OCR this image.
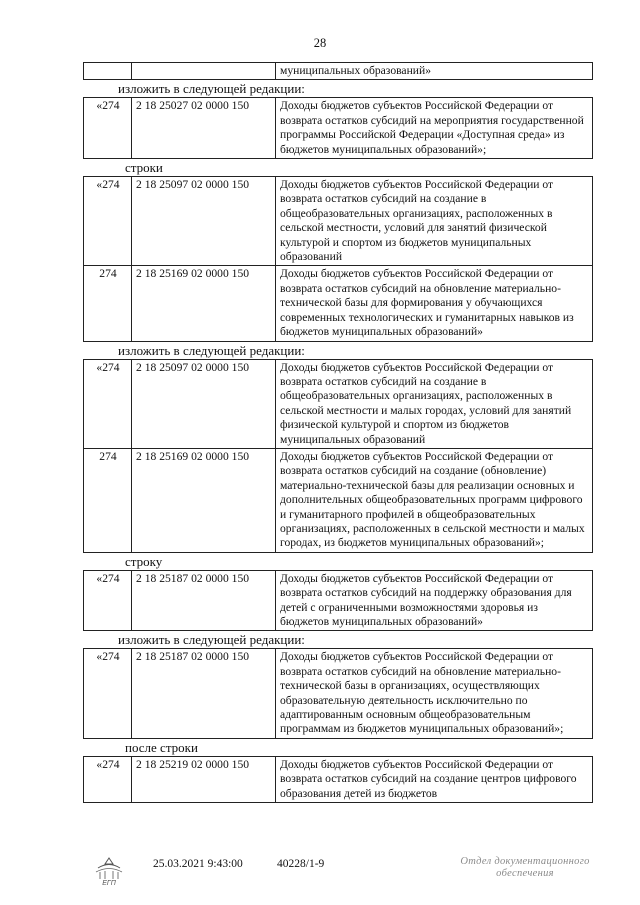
28
		муниципальных образований»
изложить в следующей редакции:
«274	2 18 25027 02 0000 150	Доходы бюджетов субъектов Российской Федерации от возврата остатков субсидий на мероприятия государственной программы Российской Федерации «Доступная среда» из бюджетов муниципальных образований»;
строки
«274	2 18 25097 02 0000 150	Доходы бюджетов субъектов Российской Федерации от возврата остатков субсидий на создание в общеобразовательных организациях, расположенных в сельской местности, условий для занятий физической культурой и спортом из бюджетов муниципальных образований
274	2 18 25169 02 0000 150	Доходы бюджетов субъектов Российской Федерации от возврата остатков субсидий на обновление материально-технической базы для формирования у обучающихся современных технологических и гуманитарных навыков из бюджетов муниципальных образований»
изложить в следующей редакции:
«274	2 18 25097 02 0000 150	Доходы бюджетов субъектов Российской Федерации от возврата остатков субсидий на создание в общеобразовательных организациях, расположенных в сельской местности и малых городах, условий для занятий физической культурой и спортом из бюджетов муниципальных образований
274	2 18 25169 02 0000 150	Доходы бюджетов субъектов Российской Федерации от возврата остатков субсидий на создание (обновление) материально-технической базы для реализации основных и дополнительных общеобразовательных программ цифрового и гуманитарного профилей в общеобразовательных организациях, расположенных в сельской местности и малых городах, из бюджетов муниципальных образований»;
строку
«274	2 18 25187 02 0000 150	Доходы бюджетов субъектов Российской Федерации от возврата остатков субсидий на поддержку образования для детей с ограниченными возможностями здоровья из бюджетов муниципальных образований»
изложить в следующей редакции:
«274	2 18 25187 02 0000 150	Доходы бюджетов субъектов Российской Федерации от возврата остатков субсидий на обновление материально-технической базы в организациях, осуществляющих образовательную деятельность исключительно по адаптированным основным общеобразовательным программам из бюджетов муниципальных образований»;
после строки
«274	2 18 25219 02 0000 150	Доходы бюджетов субъектов Российской Федерации от возврата остатков субсидий на создание центров цифрового образования детей из бюджетов
ЕГП
25.03.2021 9:43:00	40228/1-9	Отдел документационного
обеспечения
